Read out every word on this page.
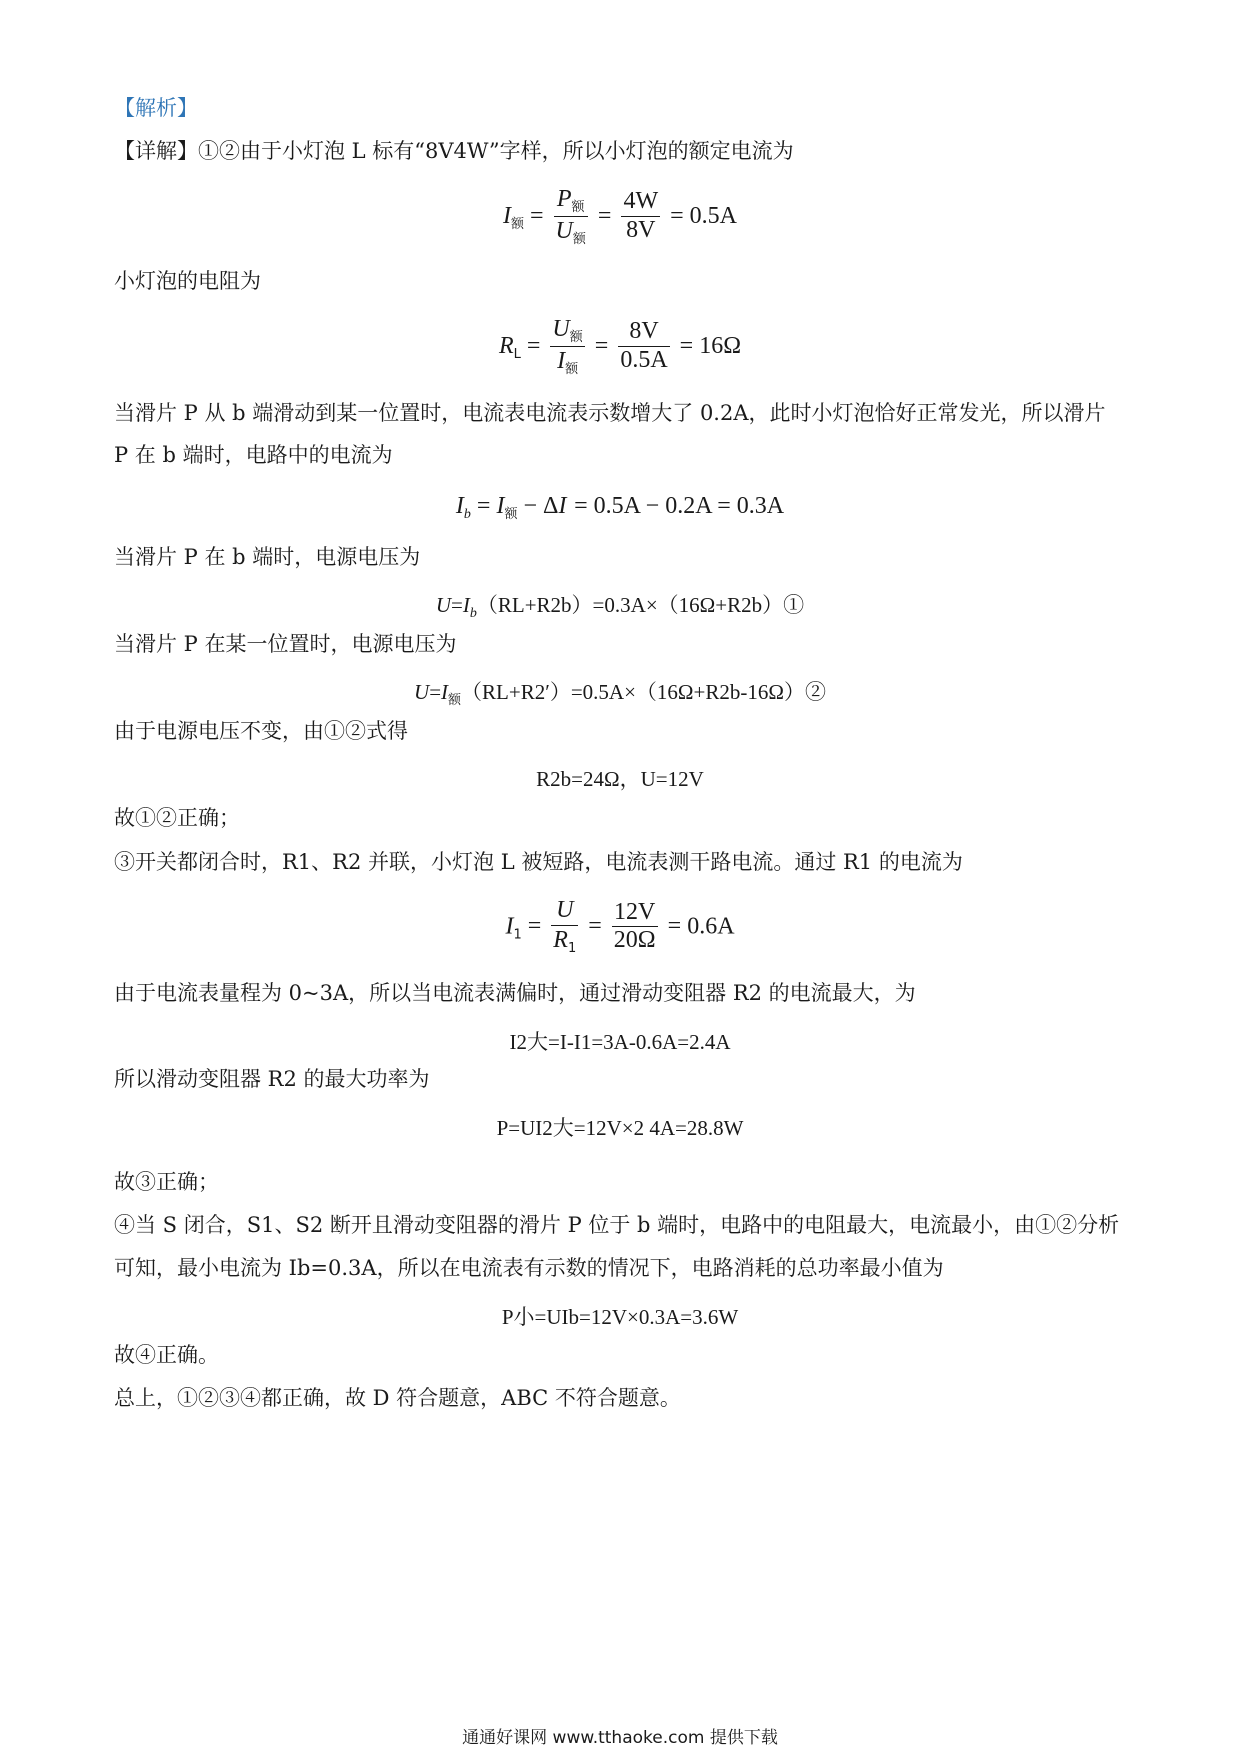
【解析】
【详解】①②由于小灯泡 L 标有“8V4W”字样，所以小灯泡的额定电流为
$I_额 = \frac{P_额}{U_额} = \frac{4W}{8V} = 0.5A$
小灯泡的电阻为
$R_L = \frac{U_额}{I_额} = \frac{8V}{0.5A} = 16\Omega$
当滑片 P 从 b 端滑动到某一位置时，电流表电流表示数增大了 0.2A，此时小灯泡恰好正常发光，所以滑片
P 在 b 端时，电路中的电流为
$I_b = I_额 - \Delta I = 0.5A - 0.2A = 0.3A$
当滑片 P 在 b 端时，电源电压为
$U=I_b(RL+R2b)=0.3A\times(16\Omega+R2b)①$
当滑片 P 在某一位置时，电源电压为
$U=I_额(RL+R2')=0.5A\times(16\Omega+R2b-16\Omega)②$
由于电源电压不变，由①②式得
R2b=24Ω，U=12V
故①②正确；
③开关都闭合时，R1、R2 并联，小灯泡 L 被短路，电流表测干路电流。通过 R1 的电流为
$I_1 = \frac{U}{R_1} = \frac{12V}{20\Omega} = 0.6A$
由于电流表量程为 0~3A，所以当电流表满偏时，通过滑动变阻器 R2 的电流最大，为
I2大=I-I1=3A-0.6A=2.4A
所以滑动变阻器 R2 的最大功率为
P=UI2大=12V×2 4A=28.8W
故③正确；
④当 S 闭合，S1、S2 断开且滑动变阻器的滑片 P 位于 b 端时，电路中的电阻最大，电流最小，由①②分析
可知，最小电流为 Ib=0.3A，所以在电流表有示数的情况下，电路消耗的总功率最小值为
P小=UIb=12V×0.3A=3.6W
故④正确。
总上，①②③④都正确，故 D 符合题意，ABC 不符合题意。
通通好课网 www.tthaoke.com 提供下载
